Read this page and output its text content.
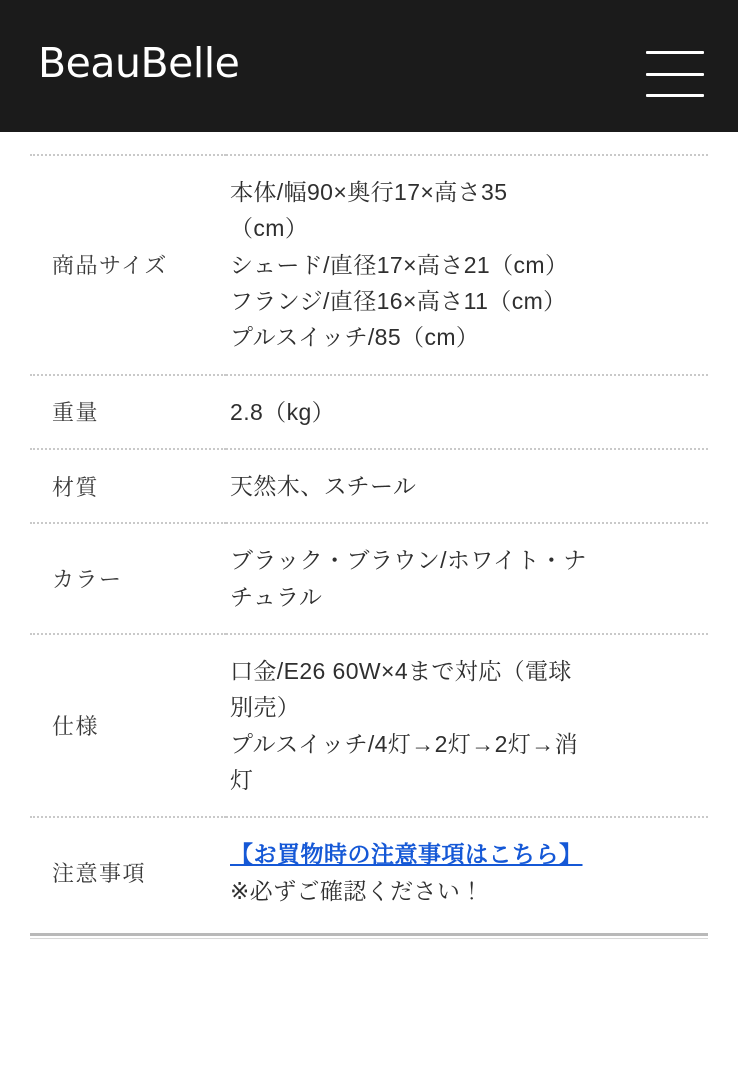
BeauBelle
商品サイズ	本体/幅90×奥行17×高さ35
（cm）
シェード/直径17×高さ21（cm）
フランジ/直径16×高さ11（cm）
プルスイッチ/85（cm）

重量	2.8（kg）

材質	天然木、スチール

カラー	ブラック・ブラウン/ホワイト・ナ
チュラル

仕様	口金/E26 60W×4まで対応（電球
別売）
プルスイッチ/4灯→2灯→2灯→消
灯

注意事項	【お買物時の注意事項はこちら】
※必ずご確認ください！
